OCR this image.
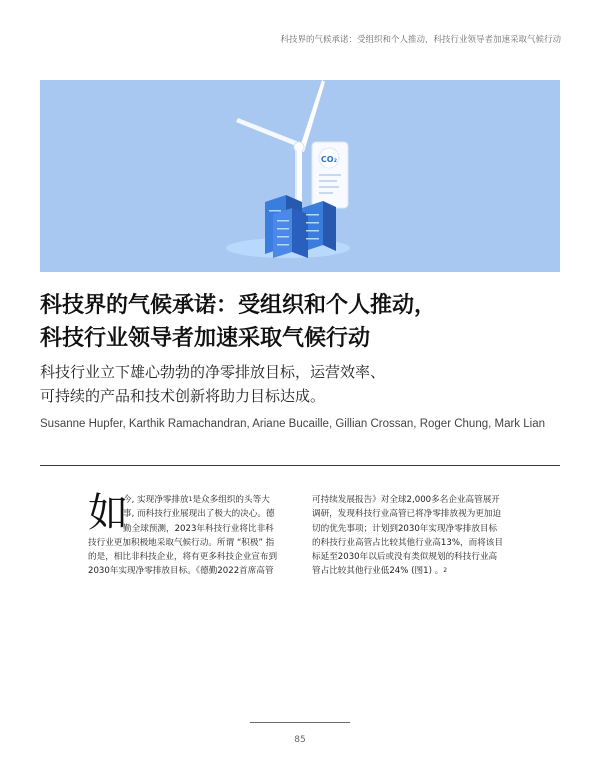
科技界的气候承诺：受组织和个人推动，科技行业领导者加速采取气候行动
CO₂
科技界的气候承诺：受组织和个人推动，
科技行业领导者加速采取气候行动
科技行业立下雄心勃勃的净零排放目标，运营效率、
可持续的产品和技术创新将助力目标达成。
Susanne Hupfer, Karthik Ramachandran, Ariane Bucaille, Gillian Crossan, Roger Chung, Mark Lian
如
今, 实现净零排放$^1$是众多组织的头等大
事, 而科技行业展现出了极大的决心。德
勤全球预测，2023年科技行业将比非科
技行业更加积极地采取气候行动。所谓 “积极” 指
的是，相比非科技企业，将有更多科技企业宣布到
2030年实现净零排放目标。《德勤2022首席高管
可持续发展报告》对全球2,000多名企业高管展开
调研，发现科技行业高管已将净零排放视为更加迫
切的优先事项；计划到2030年实现净零排放目标
的科技行业高管占比较其他行业高13%，而将该目
标延至2030年以后或没有类似规划的科技行业高
管占比较其他行业低24% (图1) 。$^2$
85
